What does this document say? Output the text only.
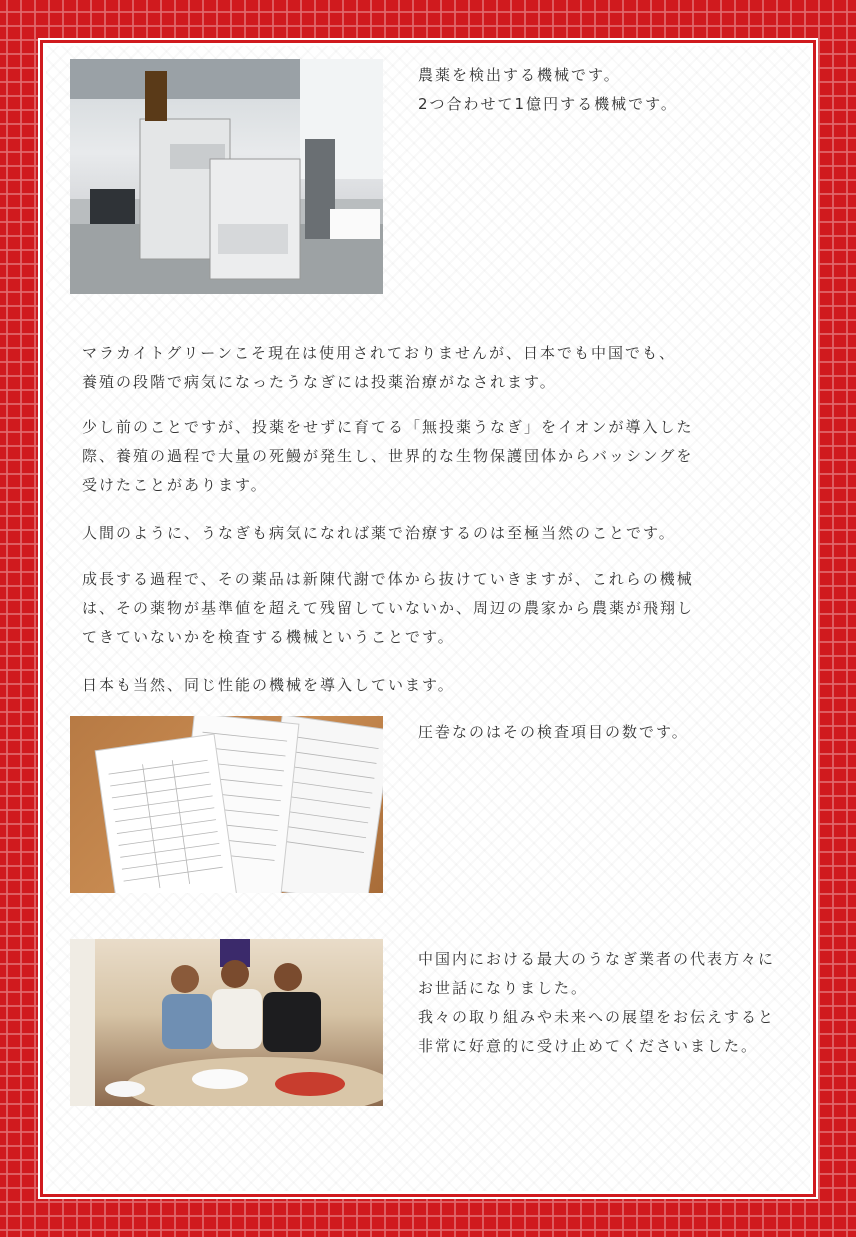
農薬を検出する機械です。
2つ合わせて1億円する機械です。
マラカイトグリーンこそ現在は使用されておりませんが、日本でも中国でも、
養殖の段階で病気になったうなぎには投薬治療がなされます。
少し前のことですが、投薬をせずに育てる「無投薬うなぎ」をイオンが導入した
際、養殖の過程で大量の死鰻が発生し、世界的な生物保護団体からバッシングを
受けたことがあります。
人間のように、うなぎも病気になれば薬で治療するのは至極当然のことです。
成長する過程で、その薬品は新陳代謝で体から抜けていきますが、これらの機械
は、その薬物が基準値を超えて残留していないか、周辺の農家から農薬が飛翔し
てきていないかを検査する機械ということです。
日本も当然、同じ性能の機械を導入しています。
圧巻なのはその検査項目の数です。
中国内における最大のうなぎ業者の代表方々に
お世話になりました。
我々の取り組みや未来への展望をお伝えすると
非常に好意的に受け止めてくださいました。
